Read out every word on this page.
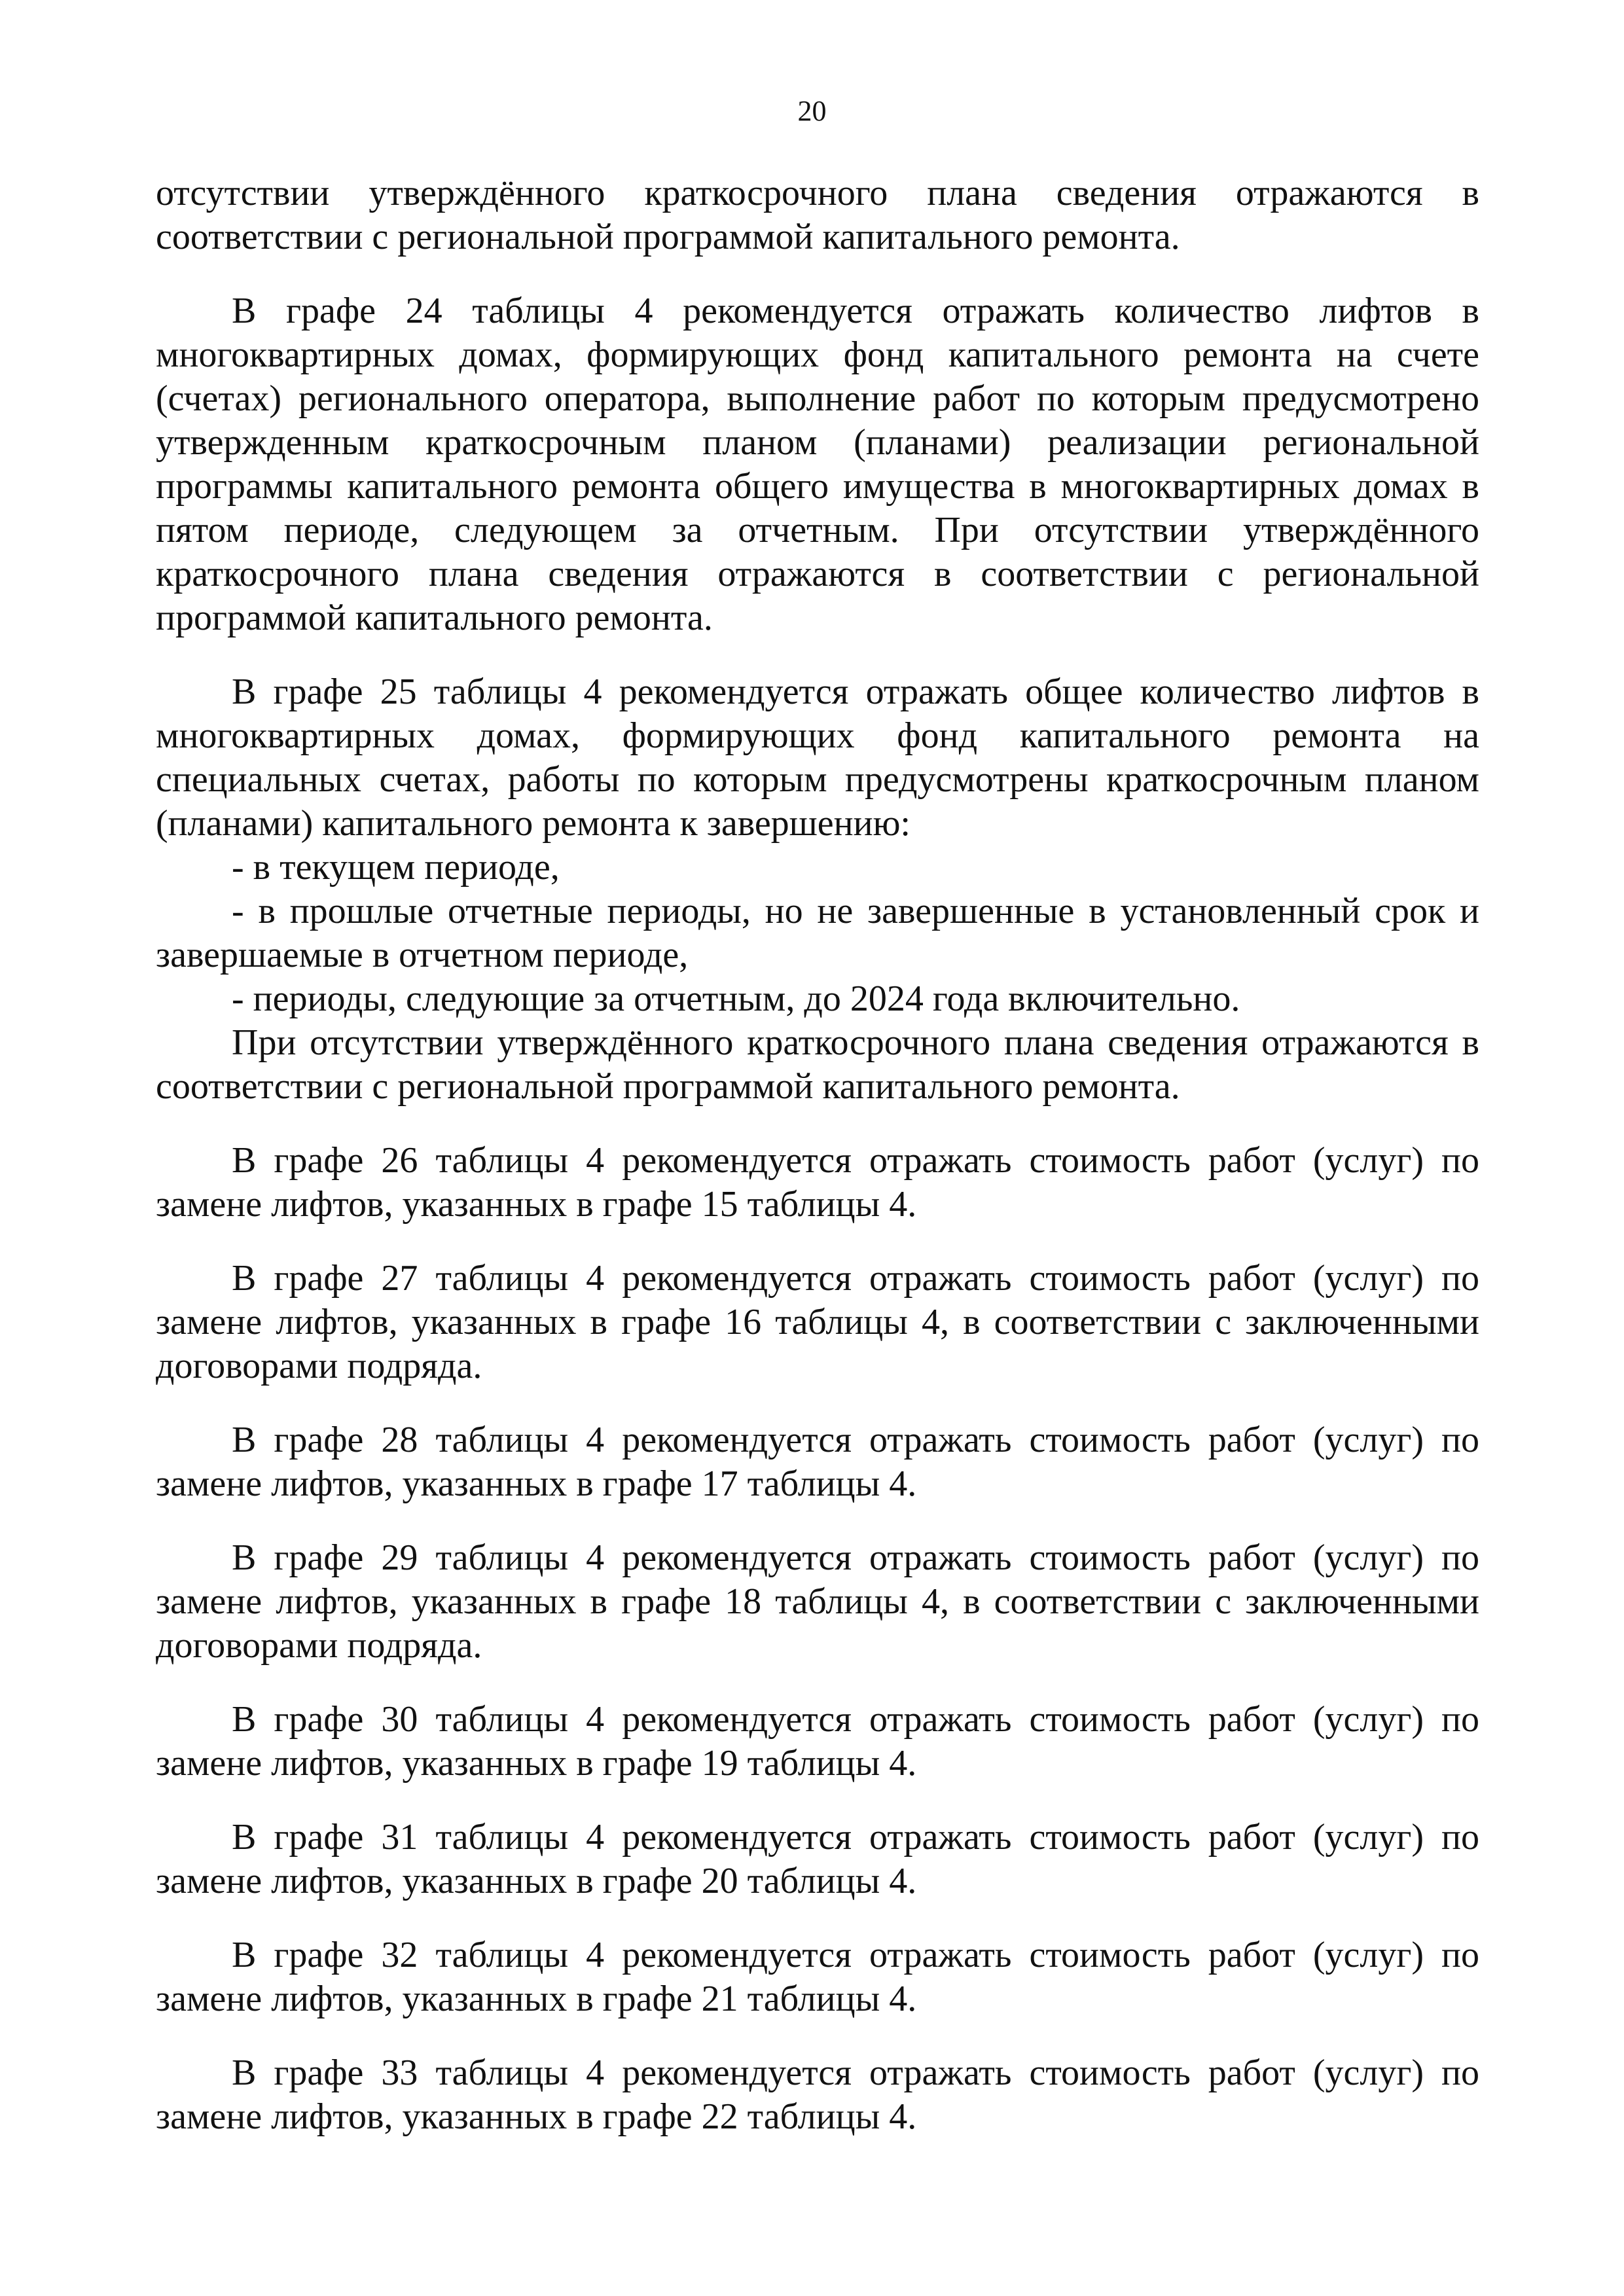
20

отсутствии утверждённого краткосрочного плана сведения отражаются в соответствии с региональной программой капитального ремонта.

В графе 24 таблицы 4 рекомендуется отражать количество лифтов в многоквартирных домах, формирующих фонд капитального ремонта на счете (счетах) регионального оператора, выполнение работ по которым предусмотрено утвержденным краткосрочным планом (планами) реализации региональной программы капитального ремонта общего имущества в многоквартирных домах в пятом периоде, следующем за отчетным. При отсутствии утверждённого краткосрочного плана сведения отражаются в соответствии с региональной программой капитального ремонта.

В графе 25 таблицы 4 рекомендуется отражать общее количество лифтов в многоквартирных домах, формирующих фонд капитального ремонта на специальных счетах, работы по которым предусмотрены краткосрочным планом (планами) капитального ремонта к завершению:

- в текущем периоде,

- в прошлые отчетные периоды, но не завершенные в установленный срок и завершаемые в отчетном периоде,

- периоды, следующие за отчетным, до 2024 года включительно.

При отсутствии утверждённого краткосрочного плана сведения отражаются в соответствии с региональной программой капитального ремонта.

В графе 26 таблицы 4 рекомендуется отражать стоимость работ (услуг) по замене лифтов, указанных в графе 15 таблицы 4.

В графе 27 таблицы 4 рекомендуется отражать стоимость работ (услуг) по замене лифтов, указанных в графе 16 таблицы 4, в соответствии с заключенными договорами подряда.

В графе 28 таблицы 4 рекомендуется отражать стоимость работ (услуг) по замене лифтов, указанных в графе 17 таблицы 4.

В графе 29 таблицы 4 рекомендуется отражать стоимость работ (услуг) по замене лифтов, указанных в графе 18 таблицы 4, в соответствии с заключенными договорами подряда.

В графе 30 таблицы 4 рекомендуется отражать стоимость работ (услуг) по замене лифтов, указанных в графе 19 таблицы 4.

В графе 31 таблицы 4 рекомендуется отражать стоимость работ (услуг) по замене лифтов, указанных в графе 20 таблицы 4.

В графе 32 таблицы 4 рекомендуется отражать стоимость работ (услуг) по замене лифтов, указанных в графе 21 таблицы 4.

В графе 33 таблицы 4 рекомендуется отражать стоимость работ (услуг) по замене лифтов, указанных в графе 22 таблицы 4.
